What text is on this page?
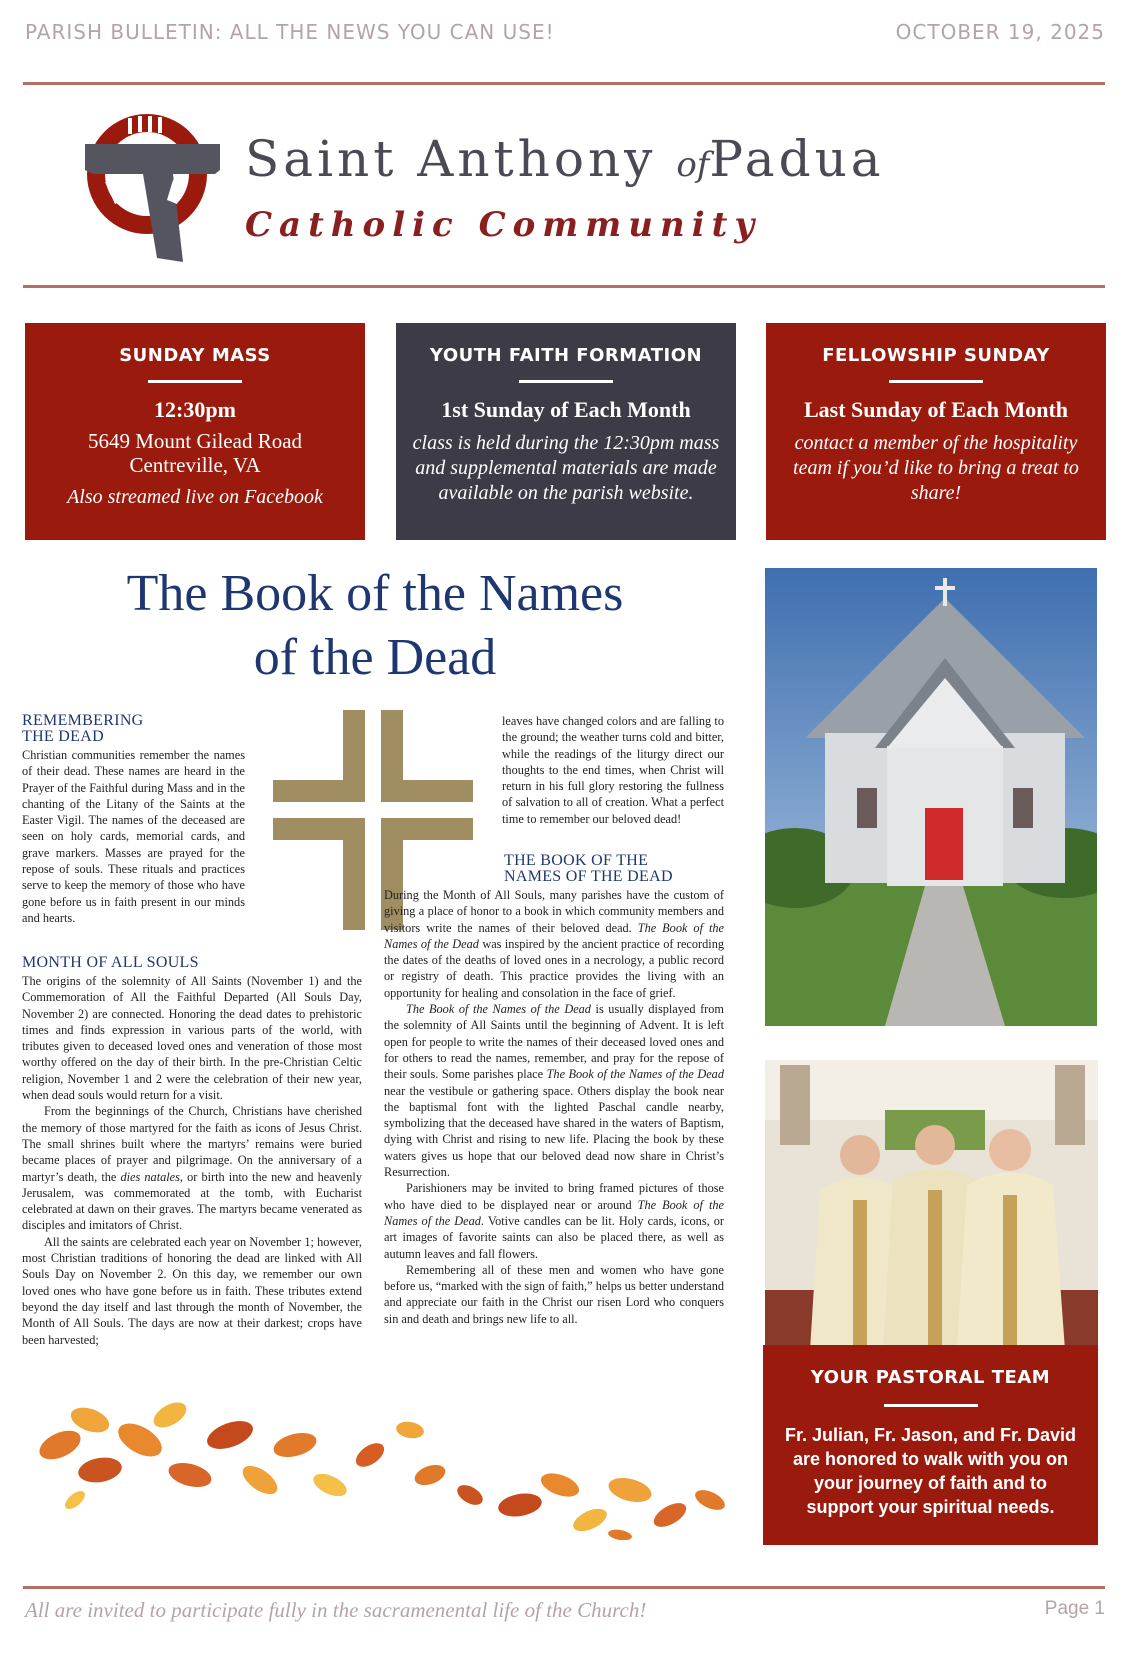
PARISH BULLETIN: ALL THE NEWS YOU CAN USE!	OCTOBER 19, 2025
Saint Anthony ofPadua
Catholic Community
SUNDAY MASS
12:30pm
5649 Mount Gilead Road
Centreville, VA
Also streamed live on Facebook
YOUTH FAITH FORMATION
1st Sunday of Each Month
class is held during the 12:30pm mass and supplemental materials are made available on the parish website.
FELLOWSHIP SUNDAY
Last Sunday of Each Month
contact a member of the hospitality team if you’d like to bring a treat to share!
The Book of the Names
of the Dead
REMEMBERING
THE DEAD

Christian communities remember the names of their dead. These names are heard in the Prayer of the Faithful during Mass and in the chanting of the Litany of the Saints at the Easter Vigil. The names of the deceased are seen on holy cards, memorial cards, and grave markers. Masses are prayed for the repose of souls. These rituals and practices serve to keep the memory of those who have gone before us in faith present in our minds and hearts.

MONTH OF ALL SOULS

The origins of the solemnity of All Saints (November 1) and the Commemoration of All the Faithful Departed (All Souls Day, November 2) are connected. Honoring the dead dates to prehistoric times and finds expression in various parts of the world, with tributes given to deceased loved ones and veneration of those most worthy offered on the day of their birth. In the pre-Christian Celtic religion, November 1 and 2 were the celebration of their new year, when dead souls would return for a visit.

From the beginnings of the Church, Christians have cherished the memory of those martyred for the faith as icons of Jesus Christ. The small shrines built where the martyrs’ remains were buried became places of prayer and pilgrimage. On the anniversary of a martyr’s death, the dies natales, or birth into the new and heavenly Jerusalem, was commemorated at the tomb, with Eucharist celebrated at dawn on their graves. The martyrs became venerated as disciples and imitators of Christ.

All the saints are celebrated each year on November 1; however, most Christian traditions of honoring the dead are linked with All Souls Day on November 2. On this day, we remember our own loved ones who have gone before us in faith. These tributes extend beyond the day itself and last through the month of November, the Month of All Souls. The days are now at their darkest; crops have been harvested;

leaves have changed colors and are falling to the ground; the weather turns cold and bitter, while the readings of the liturgy direct our thoughts to the end times, when Christ will return in his full glory restoring the fullness of salvation to all of creation. What a perfect time to remember our beloved dead!

THE BOOK OF THE
NAMES OF THE DEAD

During the Month of All Souls, many parishes have the custom of giving a place of honor to a book in which community members and visitors write the names of their beloved dead. The Book of the Names of the Dead was inspired by the ancient practice of recording the dates of the deaths of loved ones in a necrology, a public record or registry of death. This practice provides the living with an opportunity for healing and consolation in the face of grief.

The Book of the Names of the Dead is usually displayed from the solemnity of All Saints until the beginning of Advent. It is left open for people to write the names of their deceased loved ones and for others to read the names, remember, and pray for the repose of their souls. Some parishes place The Book of the Names of the Dead near the vestibule or gathering space. Others display the book near the baptismal font with the lighted Paschal candle nearby, symbolizing that the deceased have shared in the waters of Baptism, dying with Christ and rising to new life. Placing the book by these waters gives us hope that our beloved dead now share in Christ’s Resurrection.

Parishioners may be invited to bring framed pictures of those who have died to be displayed near or around The Book of the Names of the Dead. Votive candles can be lit. Holy cards, icons, or art images of favorite saints can also be placed there, as well as autumn leaves and fall flowers.

Remembering all of these men and women who have gone before us, “marked with the sign of faith,” helps us better understand and appreciate our faith in the Christ our risen Lord who conquers sin and death and brings new life to all.

YOUR PASTORAL TEAM
Fr. Julian, Fr. Jason, and Fr. David are honored to walk with you on your journey of faith and to support your spiritual needs.
All are invited to participate fully in the sacramenental life of the Church!	Page 1
